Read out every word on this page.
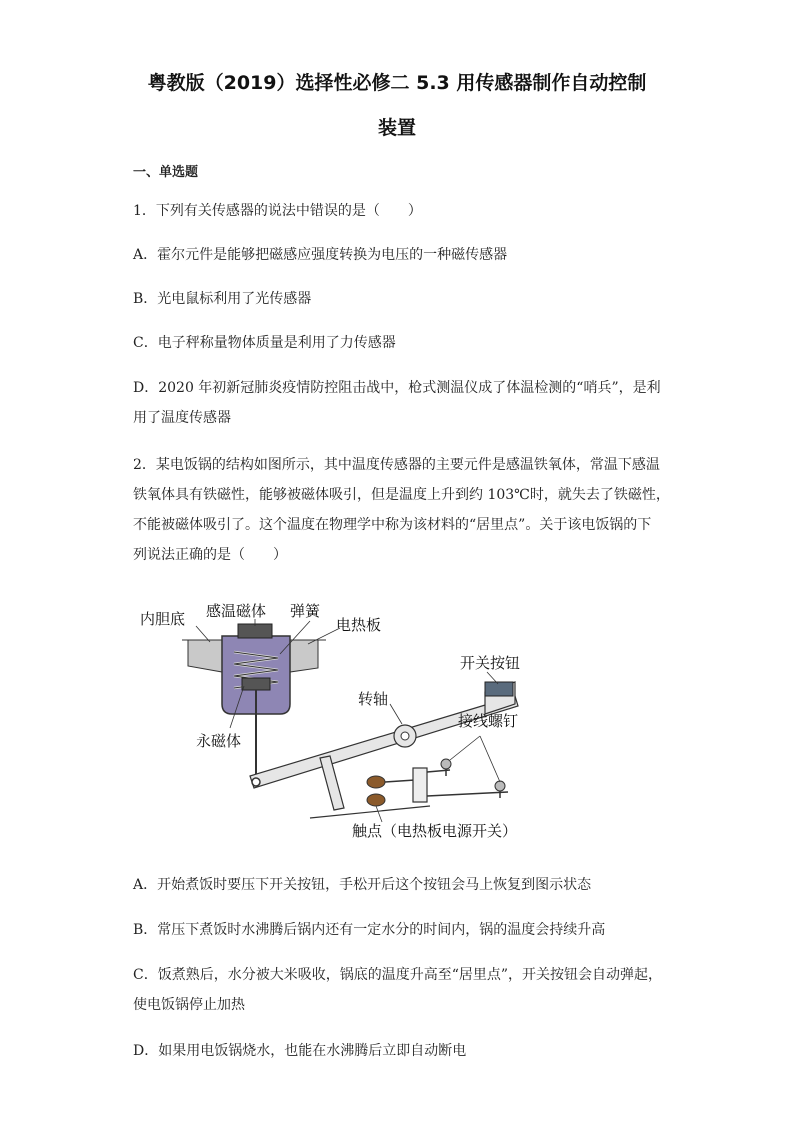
粤教版（2019）选择性必修二 5.3 用传感器制作自动控制
装置
一、单选题
1．下列有关传感器的说法中错误的是（　　）
A．霍尔元件是能够把磁感应强度转换为电压的一种磁传感器
B．光电鼠标利用了光传感器
C．电子秤称量物体质量是利用了力传感器
D．2020 年初新冠肺炎疫情防控阻击战中，枪式测温仪成了体温检测的“哨兵”，是利
用了温度传感器
2．某电饭锅的结构如图所示，其中温度传感器的主要元件是感温铁氧体，常温下感温
铁氧体具有铁磁性，能够被磁体吸引，但是温度上升到约 103℃时，就失去了铁磁性，
不能被磁体吸引了。这个温度在物理学中称为该材料的“居里点”。关于该电饭锅的下
列说法正确的是（　　）
内胆底 感温磁体 弹簧
电热板
开关按钮
转轴
接线螺钉
永磁体
触点（电热板电源开关）
A．开始煮饭时要压下开关按钮，手松开后这个按钮会马上恢复到图示状态
B．常压下煮饭时水沸腾后锅内还有一定水分的时间内，锅的温度会持续升高
C．饭煮熟后，水分被大米吸收，锅底的温度升高至“居里点”，开关按钮会自动弹起，
使电饭锅停止加热
D．如果用电饭锅烧水，也能在水沸腾后立即自动断电
